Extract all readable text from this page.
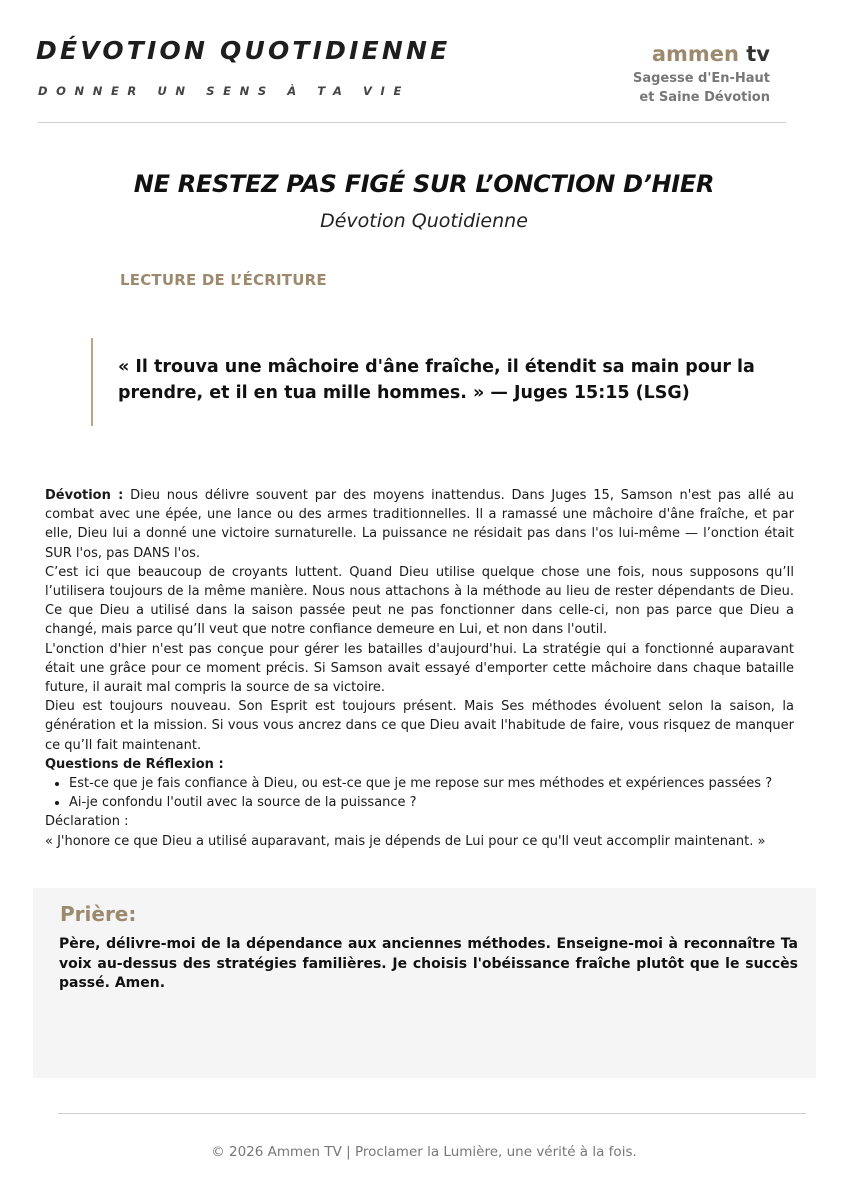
DÉVOTION QUOTIDIENNE
DONNER UN SENS À TA VIE
ammen tv
Sagesse d'En-Haut
et Saine Dévotion
NE RESTEZ PAS FIGÉ SUR L’ONCTION D’HIER
Dévotion Quotidienne
LECTURE DE L’ÉCRITURE
« Il trouva une mâchoire d'âne fraîche, il étendit sa main pour la prendre, et il en tua mille hommes. » — Juges 15:15 (LSG)

Dévotion : Dieu nous délivre souvent par des moyens inattendus. Dans Juges 15, Samson n'est pas allé au combat avec une épée, une lance ou des armes traditionnelles. Il a ramassé une mâchoire d'âne fraîche, et par elle, Dieu lui a donné une victoire surnaturelle. La puissance ne résidait pas dans l'os lui-même — l’onction était SUR l'os, pas DANS l'os.

C’est ici que beaucoup de croyants luttent. Quand Dieu utilise quelque chose une fois, nous supposons qu’Il l’utilisera toujours de la même manière. Nous nous attachons à la méthode au lieu de rester dépendants de Dieu. Ce que Dieu a utilisé dans la saison passée peut ne pas fonctionner dans celle-ci, non pas parce que Dieu a changé, mais parce qu’Il veut que notre confiance demeure en Lui, et non dans l'outil.

L'onction d'hier n'est pas conçue pour gérer les batailles d'aujourd'hui. La stratégie qui a fonctionné auparavant était une grâce pour ce moment précis. Si Samson avait essayé d'emporter cette mâchoire dans chaque bataille future, il aurait mal compris la source de sa victoire.

Dieu est toujours nouveau. Son Esprit est toujours présent. Mais Ses méthodes évoluent selon la saison, la génération et la mission. Si vous vous ancrez dans ce que Dieu avait l'habitude de faire, vous risquez de manquer ce qu’Il fait maintenant.

Questions de Réflexion :

• Est-ce que je fais confiance à Dieu, ou est-ce que je me repose sur mes méthodes et expériences passées ?
• Ai-je confondu l'outil avec la source de la puissance ?

Déclaration :

« J'honore ce que Dieu a utilisé auparavant, mais je dépends de Lui pour ce qu'Il veut accomplir maintenant. »

Prière:
Père, délivre-moi de la dépendance aux anciennes méthodes. Enseigne-moi à reconnaître Ta voix au-dessus des stratégies familières. Je choisis l'obéissance fraîche plutôt que le succès passé. Amen.
© 2026 Ammen TV | Proclamer la Lumière, une vérité à la fois.
